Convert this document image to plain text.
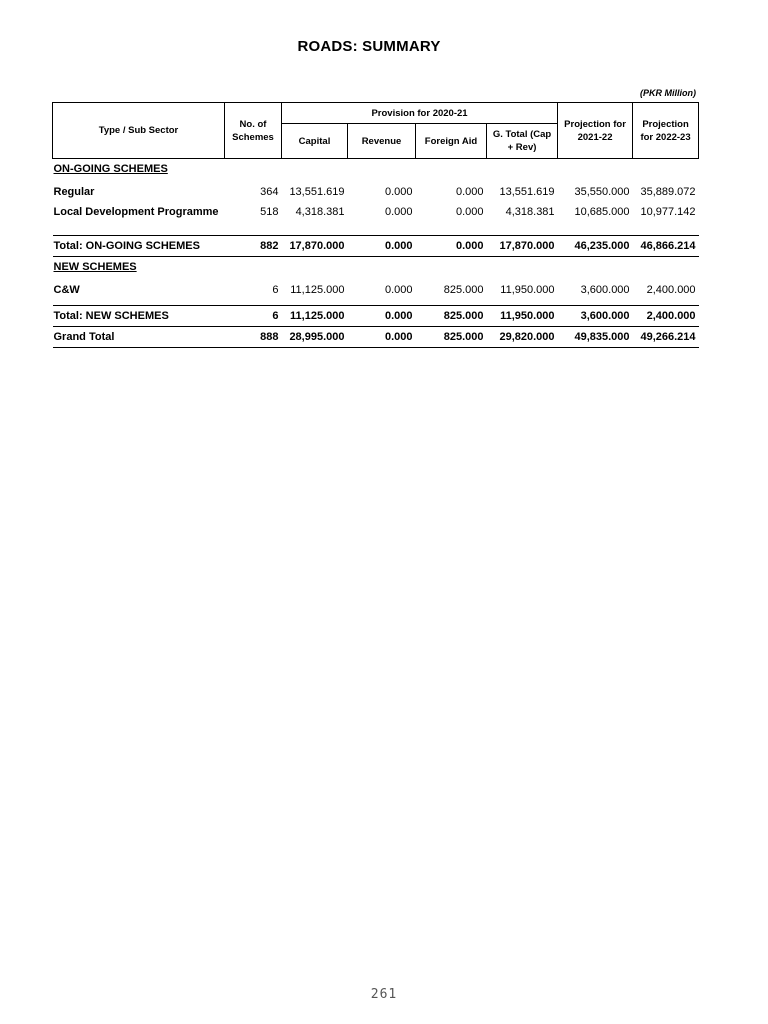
ROADS: SUMMARY
(PKR Million)
Type / Sub Sector	No. of Schemes	Provision for 2020-21				Projection for 2021-22	Projection for 2022-23
		Capital	Revenue	Foreign Aid	G. Total (Cap + Rev)		
ON-GOING SCHEMES							
Regular	364	13,551.619	0.000	0.000	13,551.619	35,550.000	35,889.072
Local Development Programme	518	4,318.381	0.000	0.000	4,318.381	10,685.000	10,977.142
Total: ON-GOING SCHEMES	882	17,870.000	0.000	0.000	17,870.000	46,235.000	46,866.214
NEW SCHEMES							
C&W	6	11,125.000	0.000	825.000	11,950.000	3,600.000	2,400.000

Total: NEW SCHEMES	6	11,125.000	0.000	825.000	11,950.000	3,600.000	2,400.000
Grand Total	888	28,995.000	0.000	825.000	29,820.000	49,835.000	49,266.214
261
